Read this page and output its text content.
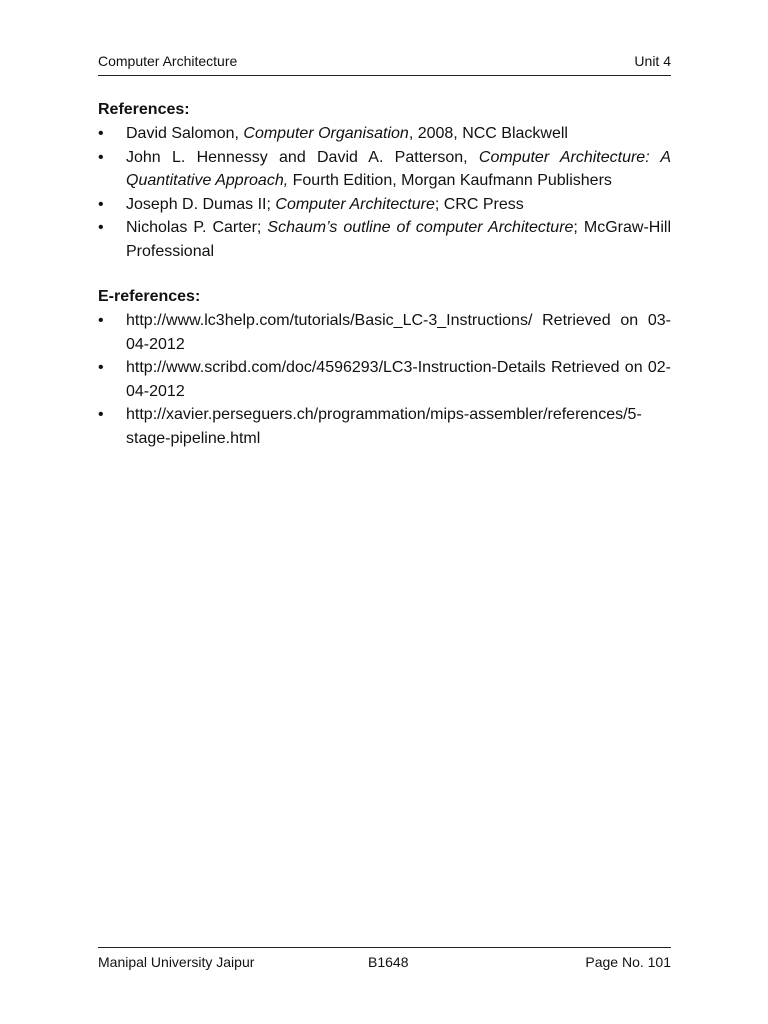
Computer Architecture	Unit 4
References:
•	David Salomon, Computer Organisation, 2008, NCC Blackwell
•	John L. Hennessy and David A. Patterson, Computer Architecture: A Quantitative Approach, Fourth Edition, Morgan Kaufmann Publishers
•	Joseph D. Dumas II; Computer Architecture; CRC Press
•	Nicholas P. Carter; Schaum’s outline of computer Architecture; McGraw-Hill Professional
E-references:
•	http://www.lc3help.com/tutorials/Basic_LC-3_Instructions/ Retrieved on 03-04-2012
•	http://www.scribd.com/doc/4596293/LC3-Instruction-Details Retrieved on 02-04-2012
•	http://xavier.perseguers.ch/programmation/mips-assembler/references/5-stage-pipeline.html
Manipal University Jaipur	B1648	Page No. 101
